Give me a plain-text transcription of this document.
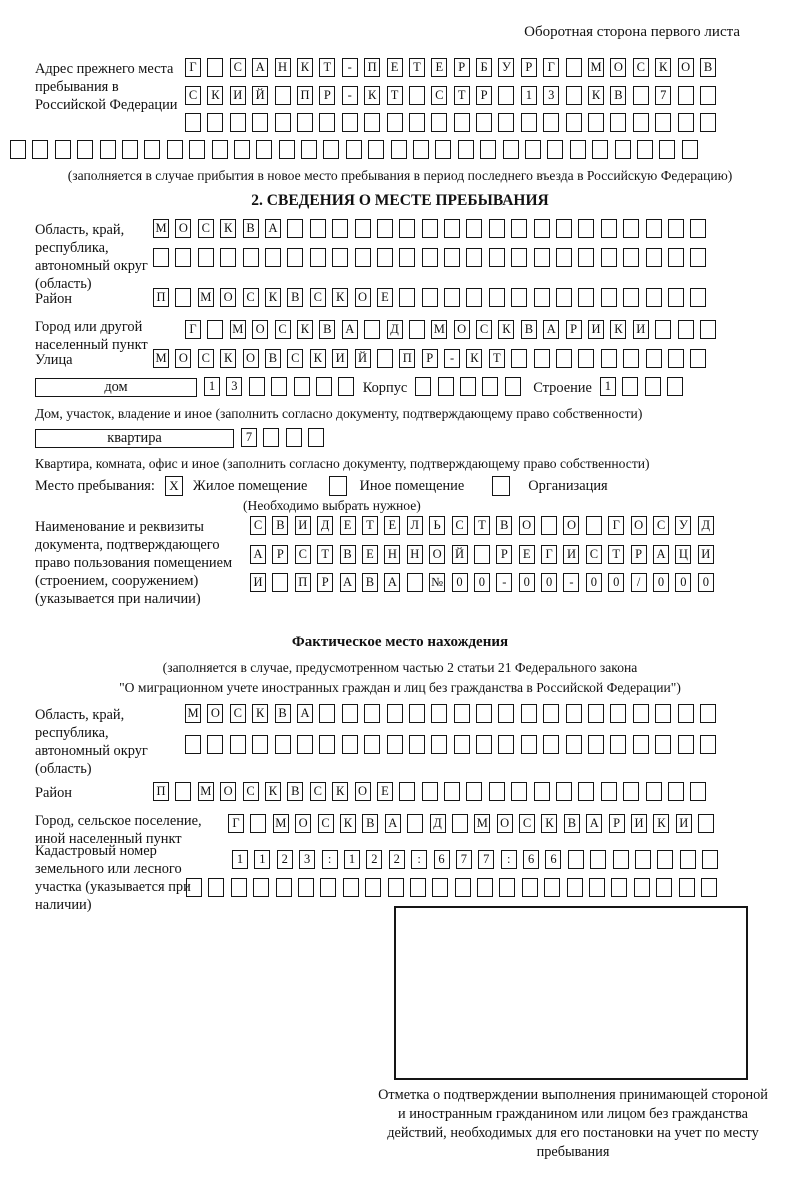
Оборотная сторона первого листа
Адрес прежнего места пребывания в Российской Федерации
Г	С	А Н	К	Т	-	П	Е	Т	Е	Р	Б	У	Р	Г	М О	С	К	О	В
С	К	И Й	П	Р	-	К	Т	С	Т	Р	1	3	К	В	7
(заполняется в случае прибытия в новое место пребывания в период последнего въезда в Российскую Федерацию)
2. СВЕДЕНИЯ О МЕСТЕ ПРЕБЫВАНИЯ
Область, край, республика, автономный округ (область)
М О	С	К	В	А
Район	П	М О	С	К	В	С	К	О	Е
Город или другой населенный пункт
Г	М О	С	К	В	А	Д	М О	С	К	В	А	Р	И	К	И
Улица	М О	С	К	О	В	С	К	И Й	П	Р	-	К	Т
дом	1	3	Корпус	Строение	1
Дом, участок, владение и иное (заполнить согласно документу, подтверждающему право собственности)
квартира	7
Квартира, комната, офис и иное (заполнить согласно документу, подтверждающему право собственности)
Место пребывания:	X Жилое помещение	Иное помещение	Организация
(Необходимо выбрать нужное)
Наименование и реквизиты документа, подтверждающего право пользования помещением (строением, сооружением) (указывается при наличии)
С	В	И Д	Е	Т	Е	Л	Ь	С	Т	В	О	О	Г	О	С	У Д
А	Р	С	Т	В	Е	Н Н О Й	Р	Е	Г	И	С	Т	Р	А Ц И
И	П	Р	А	В	А	№	0	0	-	0	0	-	0	0	/	0	0	0
Фактическое место нахождения
(заполняется в случае, предусмотренном частью 2 статьи 21 Федерального закона
"О миграционном учете иностранных граждан и лиц без гражданства в Российской Федерации")
Область, край, республика, автономный округ (область)
М О	С	К	В	А
Район	П	М О	С	К	В	С	К	О	Е
Город, сельское поселение, иной населенный пункт
Г	М О	С	К	В	А	Д	М О	С	К	В	А	Р	И	К	И
Кадастровый номер земельного или лесного участка (указывается при наличии)
1	1	2	3	:	1	2	2	:	6	7	7	:	6	6
Отметка о подтверждении выполнения принимающей стороной и иностранным гражданином или лицом без гражданства действий, необходимых для его постановки на учет по месту пребывания
